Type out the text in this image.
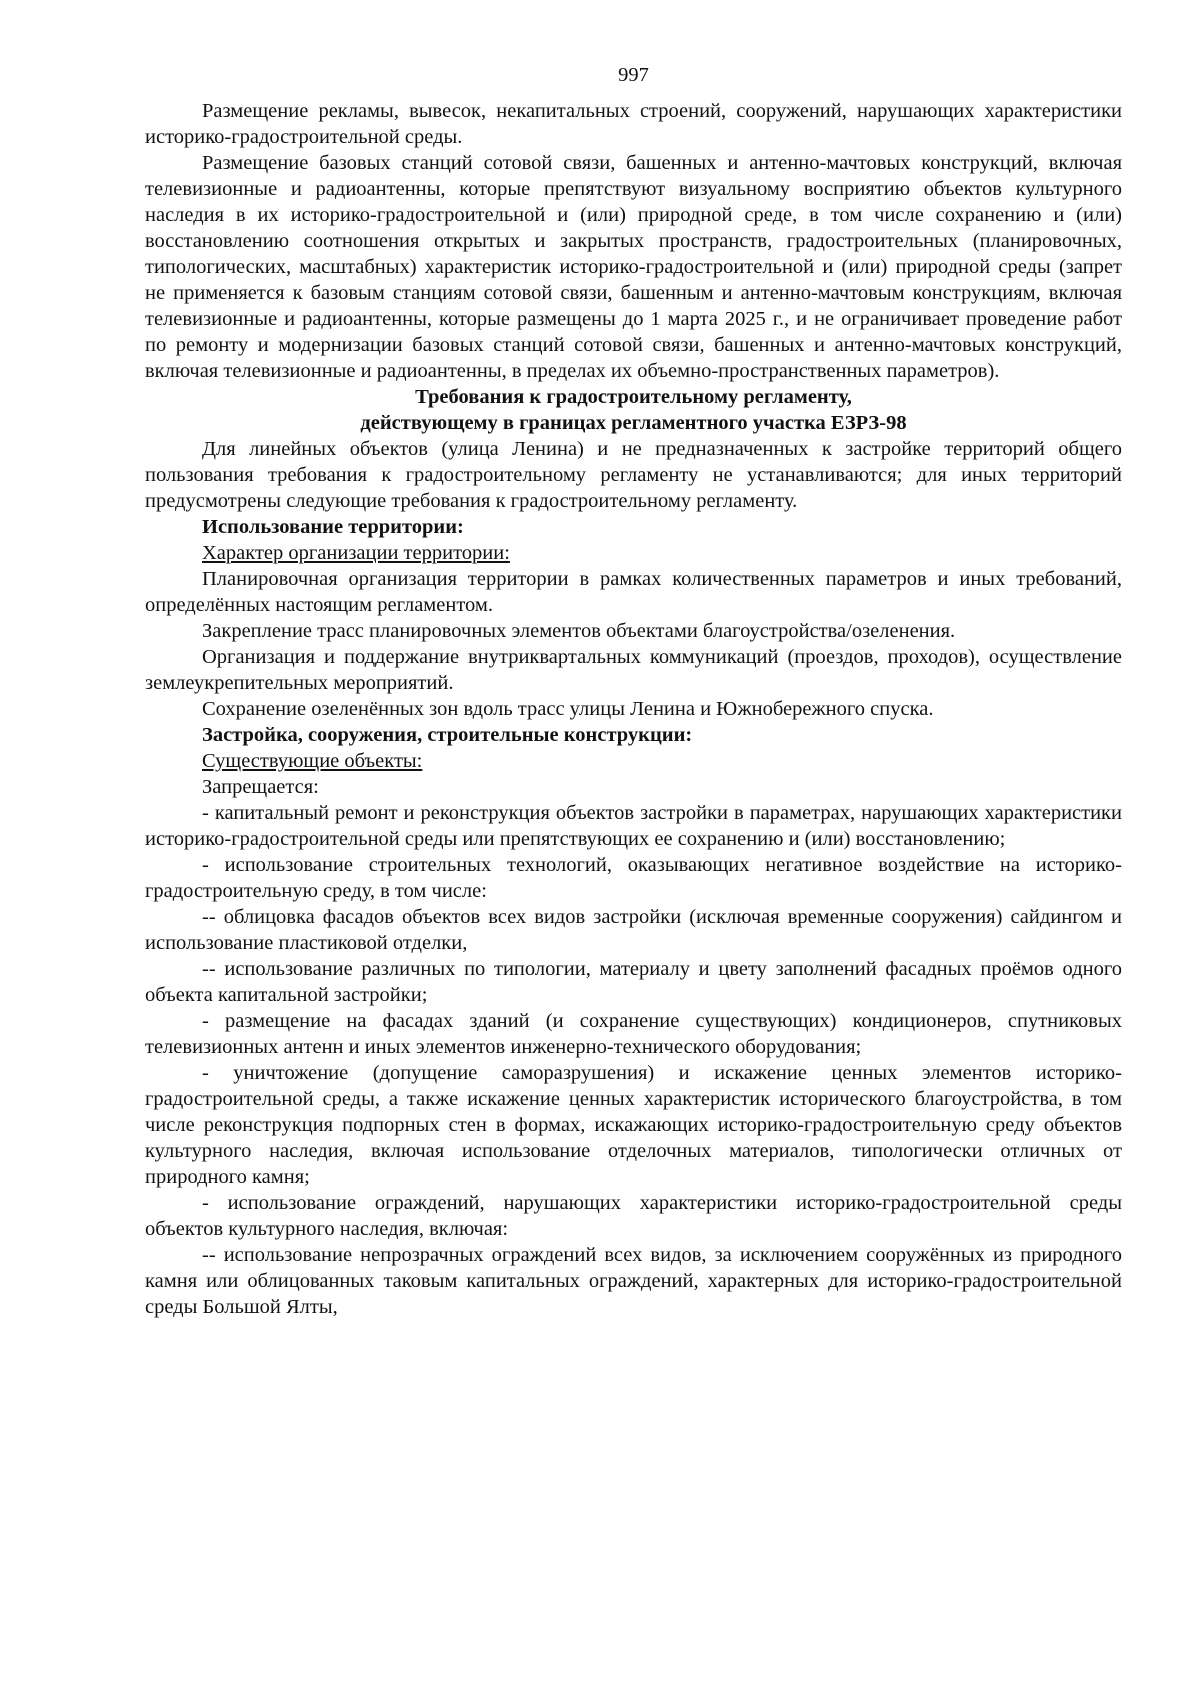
997

Размещение рекламы, вывесок, некапитальных строений, сооружений, нарушающих характеристики историко-градостроительной среды.

Размещение базовых станций сотовой связи, башенных и антенно-мачтовых конструкций, включая телевизионные и радиоантенны, которые препятствуют визуальному восприятию объектов культурного наследия в их историко-градостроительной и (или) природной среде, в том числе сохранению и (или) восстановлению соотношения открытых и закрытых пространств, градостроительных (планировочных, типологических, масштабных) характеристик историко-градостроительной и (или) природной среды (запрет не применяется к базовым станциям сотовой связи, башенным и антенно-мачтовым конструкциям, включая телевизионные и радиоантенны, которые размещены до 1 марта 2025 г., и не ограничивает проведение работ по ремонту и модернизации базовых станций сотовой связи, башенных и антенно-мачтовых конструкций, включая телевизионные и радиоантенны, в пределах их объемно-пространственных параметров).

Требования к градостроительному регламенту,

действующему в границах регламентного участка ЕЗРЗ-98

Для линейных объектов (улица Ленина) и не предназначенных к застройке территорий общего пользования требования к градостроительному регламенту не устанавливаются; для иных территорий предусмотрены следующие требования к градостроительному регламенту.

Использование территории:

Характер организации территории:

Планировочная организация территории в рамках количественных параметров и иных требований, определённых настоящим регламентом.

Закрепление трасс планировочных элементов объектами благоустройства/озеленения.

Организация и поддержание внутриквартальных коммуникаций (проездов, проходов), осуществление землеукрепительных мероприятий.

Сохранение озеленённых зон вдоль трасс улицы Ленина и Южнобережного спуска.

Застройка, сооружения, строительные конструкции:

Существующие объекты:

Запрещается:

- капитальный ремонт и реконструкция объектов застройки в параметрах, нарушающих характеристики историко-градостроительной среды или препятствующих ее сохранению и (или) восстановлению;

- использование строительных технологий, оказывающих негативное воздействие на историко-градостроительную среду, в том числе:

-- облицовка фасадов объектов всех видов застройки (исключая временные сооружения) сайдингом и использование пластиковой отделки,

-- использование различных по типологии, материалу и цвету заполнений фасадных проёмов одного объекта капитальной застройки;

- размещение на фасадах зданий (и сохранение существующих) кондиционеров, спутниковых телевизионных антенн и иных элементов инженерно-технического оборудования;

- уничтожение (допущение саморазрушения) и искажение ценных элементов историко-градостроительной среды, а также искажение ценных характеристик исторического благоустройства, в том числе реконструкция подпорных стен в формах, искажающих историко-градостроительную среду объектов культурного наследия, включая использование отделочных материалов, типологически отличных от природного камня;

- использование ограждений, нарушающих характеристики историко-градостроительной среды объектов культурного наследия, включая:

-- использование непрозрачных ограждений всех видов, за исключением сооружённых из природного камня или облицованных таковым капитальных ограждений, характерных для историко-градостроительной среды Большой Ялты,
